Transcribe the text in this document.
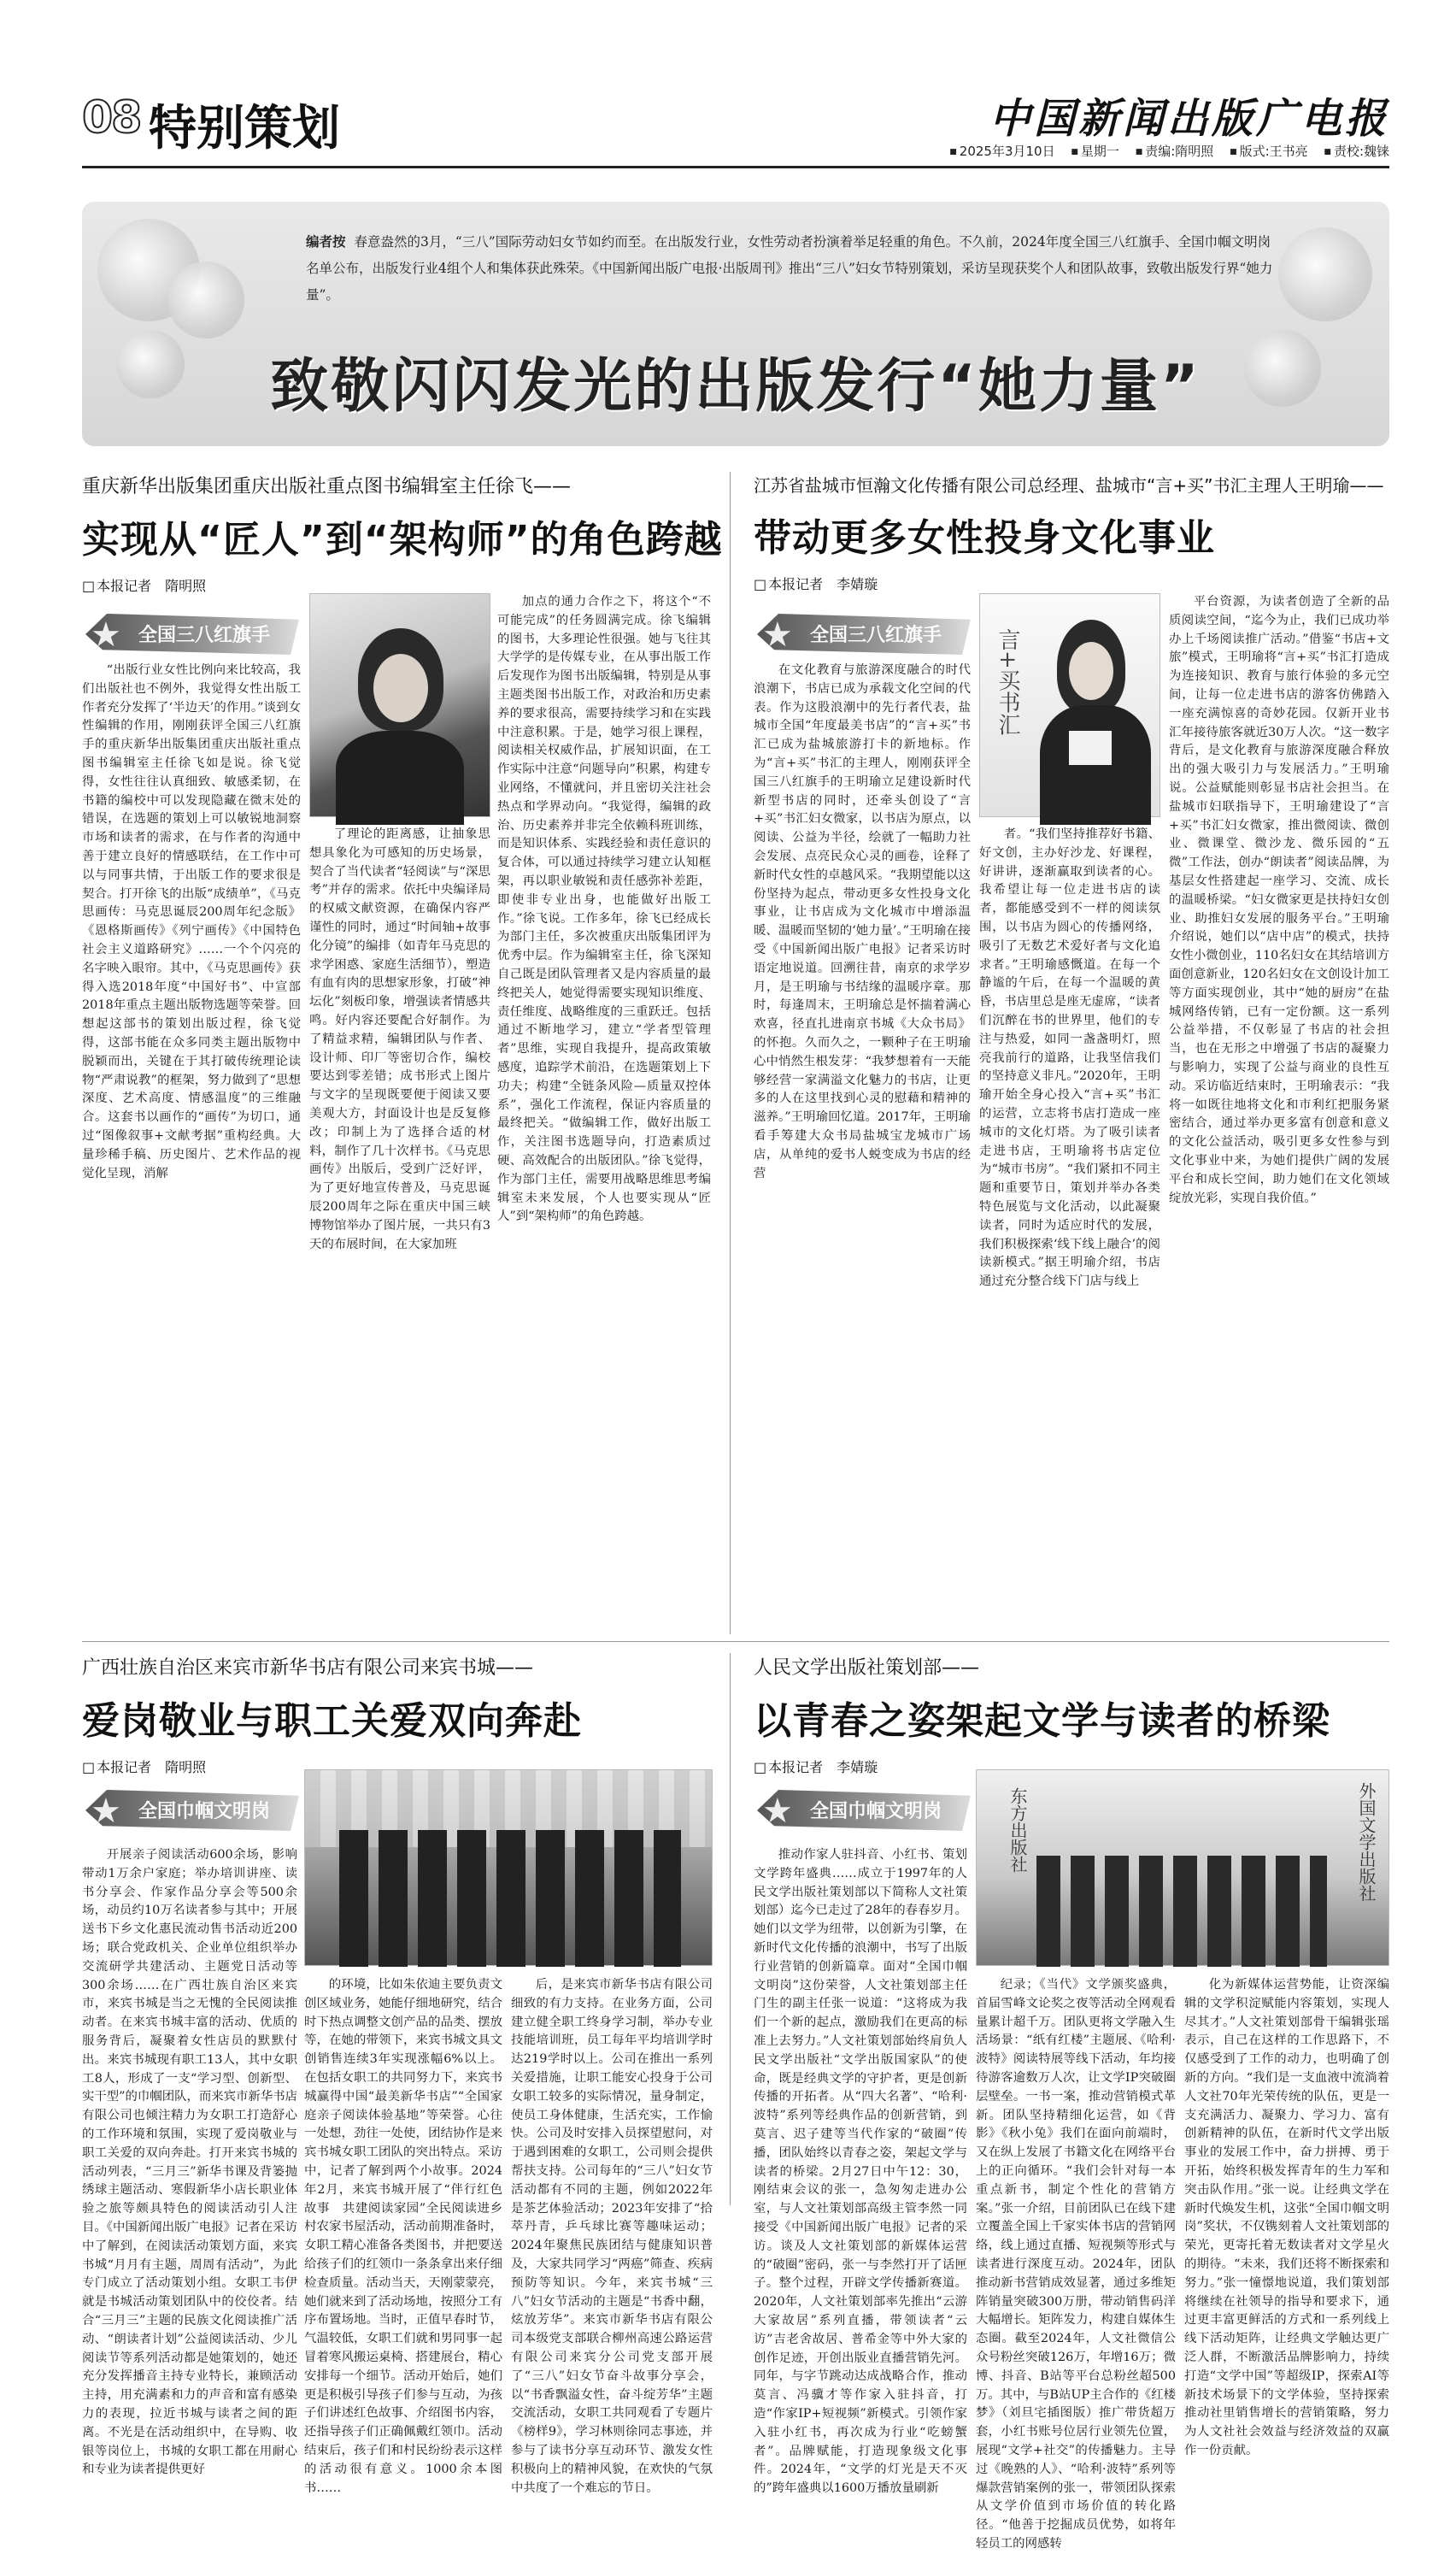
08 特别策划	中国新闻出版广电报
■ 2025年3月10日 ■ 星期一 ■ 责编:隋明照 ■ 版式:王书亮 ■ 责校:魏铼
编者按 春意盎然的3月，“三八”国际劳动妇女节如约而至。在出版发行业，女性劳动者扮演着举足轻重的角色。不久前，2024年度全国三八红旗手、全国巾帼文明岗名单公布，出版发行业4组个人和集体获此殊荣。《中国新闻出版广电报·出版周刊》推出“三八”妇女节特别策划，采访呈现获奖个人和团队故事，致敬出版发行界“她力量”。
致敬闪闪发光的出版发行“她力量”
重庆新华出版集团重庆出版社重点图书编辑室主任徐飞——
实现从“匠人”到“架构师”的角色跨越
□ 本报记者　隋明照
★ 全国三八红旗手

“出版行业女性比例向来比较高，我们出版社也不例外，我觉得女性出版工作者充分发挥了‘半边天’的作用。”谈到女性编辑的作用，刚刚获评全国三八红旗手的重庆新华出版集团重庆出版社重点图书编辑室主任徐飞如是说。徐飞觉得，女性往往认真细致、敏感柔韧，在书籍的编校中可以发现隐藏在微末处的错误，在选题的策划上可以敏锐地洞察市场和读者的需求，在与作者的沟通中善于建立良好的情感联结，在工作中可以与同事共情，于出版工作的要求很是契合。打开徐飞的出版“成绩单”，《马克思画传：马克思诞辰200周年纪念版》《恩格斯画传》《列宁画传》《中国特色社会主义道路研究》……一个个闪亮的名字映入眼帘。其中，《马克思画传》获得入选2018年度“中国好书”、中宣部2018年重点主题出版物选题等荣誉。回想起这部书的策划出版过程，徐飞觉得，这部书能在众多同类主题出版物中脱颖而出，关键在于其打破传统理论读物“严肃说教”的框架，努力做到了“思想深度、艺术高度、情感温度”的三维融合。这套书以画作的“画传”为切口，通过“图像叙事+文献考据”重构经典。大量珍稀手稿、历史图片、艺术作品的视觉化呈现，消解

了理论的距离感，让抽象思想具象化为可感知的历史场景，契合了当代读者“轻阅读”与“深思考”并存的需求。依托中央编译局的权威文献资源，在确保内容严谨性的同时，通过“时间轴+故事化分镜”的编排（如青年马克思的求学困惑、家庭生活细节），塑造有血有肉的思想家形象，打破“神坛化”刻板印象，增强读者情感共鸣。好内容还要配合好制作。为了精益求精，编辑团队与作者、设计师、印厂等密切合作，编校要达到零差错；成书形式上图片与文字的呈现既要便于阅读又要美观大方，封面设计也是反复修改；印制上为了选择合适的材料，制作了几十次样书。《马克思画传》出版后，受到广泛好评，为了更好地宣传普及，马克思诞辰200周年之际在重庆中国三峡博物馆举办了图片展，一共只有3天的布展时间，在大家加班

加点的通力合作之下，将这个“不可能完成”的任务圆满完成。徐飞编辑的图书，大多理论性很强。她与飞往其大学学的是传媒专业，在从事出版工作后发现作为图书出版编辑，特别是从事主题类图书出版工作，对政治和历史素养的要求很高，需要持续学习和在实践中注意积累。于是，她学习很上课程，阅读相关权威作品，扩展知识面，在工作实际中注意“问题导向”积累，构建专业网络，不懂就问，并且密切关注社会热点和学界动向。“我觉得，编辑的政治、历史素养并非完全依赖科班训练，而是知识体系、实践经验和责任意识的复合体，可以通过持续学习建立认知框架，再以职业敏锐和责任感弥补差距，即使非专业出身，也能做好出版工作。”徐飞说。工作多年，徐飞已经成长为部门主任，多次被重庆出版集团评为优秀中层。作为编辑室主任，徐飞深知自己既是团队管理者又是内容质量的最终把关人，她觉得需要实现知识维度、责任维度、战略维度的三重跃迁。包括通过不断地学习，建立“学者型管理者”思维，实现自我提升，提高政策敏感度，追踪学术前沿，在选题策划上下功夫；构建“全链条风险—质量双控体系”，强化工作流程，保证内容质量的最终把关。“做编辑工作，做好出版工作，关注图书选题导向，打造素质过硬、高效配合的出版团队。”徐飞觉得，作为部门主任，需要用战略思维思考编辑室未来发展，个人也要实现从“匠人”到“架构师”的角色跨越。

江苏省盐城市恒瀚文化传播有限公司总经理、盐城市“言+买”书汇主理人王明瑜——
带动更多女性投身文化事业
□ 本报记者　李婧璇
★ 全国三八红旗手	言+买书汇

在文化教育与旅游深度融合的时代浪潮下，书店已成为承载文化空间的代表。作为这股浪潮中的先行者代表，盐城市全国“年度最美书店”的“言+买”书汇已成为盐城旅游打卡的新地标。作为“言+买”书汇的主理人，刚刚获评全国三八红旗手的王明瑜立足建设新时代新型书店的同时，还牵头创设了“言+买”书汇妇女微家，以书店为原点，以阅读、公益为半径，绘就了一幅助力社会发展、点亮民众心灵的画卷，诠释了新时代女性的卓越风采。“我期望能以这份坚持为起点，带动更多女性投身文化事业，让书店成为文化城市中增添温暖、温暖而坚韧的‘她力量’。”王明瑜在接受《中国新闻出版广电报》记者采访时语定地说道。回溯往昔，南京的求学岁月，是王明瑜与书结缘的温暖序章。那时，每逢周末，王明瑜总是怀揣着满心欢喜，径直扎进南京书城《大众书局》的怀抱。久而久之，一颗种子在王明瑜心中悄然生根发芽：“我梦想着有一天能够经营一家满溢文化魅力的书店，让更多的人在这里找到心灵的慰藉和精神的滋养。”王明瑜回忆道。2017年，王明瑜看手筹建大众书局盐城宝龙城市广场店，从单纯的爱书人蜕变成为书店的经营

者。“我们坚持推荐好书籍、好文创，主办好沙龙、好课程，好讲讲，逐渐赢取到读者的心。我希望让每一位走进书店的读者，都能感受到不一样的阅读氛围，以书店为圆心的传播网络，吸引了无数艺术爱好者与文化追求者。”王明瑜感慨道。在每一个静谧的午后，在每一个温暖的黄昏，书店里总是座无虚席，“读者们沉醉在书的世界里，他们的专注与热爱，如同一盏盏明灯，照亮我前行的道路，让我坚信我们的坚持意义非凡。”2020年，王明瑜开始全身心投入“言+买”书汇的运营，立志将书店打造成一座城市的文化灯塔。为了吸引读者走进书店，王明瑜将书店定位为“城市书房”。“我们紧扣不同主题和重要节日，策划并举办各类特色展览与文化活动，以此凝聚读者，同时为适应时代的发展，我们积极探索‘线下线上融合’的阅读新模式。”据王明瑜介绍，书店通过充分整合线下门店与线上

平台资源，为读者创造了全新的品质阅读空间，“迄今为止，我们已成功举办上千场阅读推广活动。”借鉴“书店+文旅”模式，王明瑜将“言+买”书汇打造成为连接知识、教育与旅行体验的多元空间，让每一位走进书店的游客仿佛踏入一座充满惊喜的奇妙花园。仅新开业书汇年接待旅客就近30万人次。“这一数字背后，是文化教育与旅游深度融合释放出的强大吸引力与发展活力。”王明瑜说。公益赋能则彰显书店社会担当。在盐城市妇联指导下，王明瑜建设了“言+买”书汇妇女微家，推出微阅读、微创业、微课堂、微沙龙、微乐园的“五微”工作法，创办“朗读者”阅读品牌，为基层女性搭建起一座学习、交流、成长的温暖桥梁。“妇女微家更是扶持妇女创业、助推妇女发展的服务平台。”王明瑜介绍说，她们以“店中店”的模式，扶持女性小微创业，110名妇女在其结培训方面创意新业，120名妇女在文创设计加工等方面实现创业，其中“她的厨房”在盐城网络传销，已有一定份额。这一系列公益举措，不仅彰显了书店的社会担当，也在无形之中增强了书店的凝聚力与影响力，实现了公益与商业的良性互动。采访临近结束时，王明瑜表示：“我将一如既往地将文化和市利红把服务紧密结合，通过举办更多富有创意和意义的文化公益活动，吸引更多女性参与到文化事业中来，为她们提供广阔的发展平台和成长空间，助力她们在文化领域绽放光彩，实现自我价值。”

广西壮族自治区来宾市新华书店有限公司来宾书城——
爱岗敬业与职工关爱双向奔赴
□ 本报记者　隋明照
★ 全国巾帼文明岗

开展亲子阅读活动600余场，影响带动1万余户家庭；举办培训讲座、读书分享会、作家作品分享会等500余场，动员约10万名读者参与其中；开展送书下乡文化惠民流动售书活动近200场；联合党政机关、企业单位组织举办交流研学共建活动、主题党日活动等300余场……在广西壮族自治区来宾市，来宾书城是当之无愧的全民阅读推动者。在来宾书城丰富的活动、优质的服务背后，凝聚着女性店员的默默付出。来宾书城现有职工13人，其中女职工8人，形成了一支“学习型、创新型、实干型”的巾帼团队，而来宾市新华书店有限公司也倾注精力为女职工打造舒心的工作环境和氛围，实现了爱岗敬业与职工关爱的双向奔赴。打开来宾书城的活动列表，“三月三”新华书课及背篓抛绣球主题活动、寒假新华小店长职业体验之旅等颇具特色的阅读活动引人注目。《中国新闻出版广电报》记者在采访中了解到，在阅读活动策划方面，来宾书城“月月有主题，周周有活动”，为此专门成立了活动策划小组。女职工韦伊就是书城活动策划团队中的佼佼者。结合“三月三”主题的民族文化阅读推广活动、“朗读者计划”公益阅读活动、少儿阅读节等系列活动都是她策划的，她还充分发挥播音主持专业特长，兼顾活动主持，用充满素和力的声音和富有感染力的表现，拉近书城与读者之间的距离。不光是在活动组织中，在导购、收银等岗位上，书城的女职工都在用耐心和专业为读者提供更好

的环境，比如朱依迪主要负责文创区域业务，她能仔细地研究，结合时下热点调整文创产品的品类、摆放等，在她的带领下，来宾书城文具文创销售连续3年实现涨幅6%以上。在包括女职工的共同努力下，来宾书城赢得中国“最美新华书店”“全国家庭亲子阅读体验基地”等荣誉。心往一处想，劲往一处使，团结协作是来宾书城女职工团队的突出特点。采访中，记者了解到两个小故事。2024年2月，来宾书城开展了“伴行红色故事　共建阅读家园”全民阅读进乡村农家书屋活动，活动前期准备时，女职工精心准备各类图书，并把要送给孩子们的红领巾一条条拿出来仔细检查质量。活动当天，天刚蒙蒙亮，她们就来到了活动场地，按照分工有序布置场地。当时，正值早春时节，气温较低，女职工们就和男同事一起冒着寒风搬运桌椅、搭建展台，精心安排每一个细节。活动开始后，她们更是积极引导孩子们参与互动，为孩子们讲述红色故事、介绍图书内容，还指导孩子们正确佩戴红领巾。活动结束后，孩子们和村民纷纷表示这样的活动很有意义。1000余本图书……

后，是来宾市新华书店有限公司细致的有力支持。在业务方面，公司建立健全职工终身学习制，举办专业技能培训班，员工每年平均培训学时达219学时以上。公司在推出一系列关爱措施，让职工能安心投身于公司女职工较多的实际情况，量身制定，使员工身体健康，生活充实，工作愉快。公司及时安排入员探望慰问，对于遇到困难的女职工，公司则会提供帮扶支持。公司每年的“三八”妇女节活动都有不同的主题，例如2022年是茶艺体验活动；2023年安排了“拾萃丹青，乒乓球比赛等趣味运动；2024年聚焦民族团结与健康知识普及，大家共同学习“两癌”筛查、疾病预防等知识。今年，来宾书城“三八”妇女节活动的主题是“书香中翻，炫放芳华”。来宾市新华书店有限公司本级党支部联合柳州高速公路运营有限公司来宾分公司党支部开展了“三八”妇女节奋斗故事分享会，以“书香飘溢女性，奋斗绽芳华”主题交流活动，女职工共同观看了专题片《榜样9》，学习林则徐同志事迹，并参与了读书分享互动环节、激发女性积极向上的精神风貌，在欢快的气氛中共度了一个难忘的节日。

人民文学出版社策划部——
以青春之姿架起文学与读者的桥梁
□ 本报记者　李婧璇
★ 全国巾帼文明岗	东方出版社	外国文学出版社

推动作家人驻抖音、小红书、策划文学跨年盛典……成立于1997年的人民文学出版社策划部以下简称人文社策划部）迄今已走过了28年的春春岁月。她们以文学为纽带，以创新为引擎，在新时代文化传播的浪潮中，书写了出版行业营销的创新篇章。面对“全国巾帼文明岗”这份荣誉，人文社策划部主任门生的副主任张一说道：“这将成为我们一个新的起点，激励我们在更高的标准上去努力。”人文社策划部始终肩负人民文学出版社“文学出版国家队”的使命，既是经典文学的守护者，更是创新传播的开拓者。从“四大名著”、“哈利·波特”系列等经典作品的创新营销，到莫言、迟子建等当代作家的“破圈”传播，团队始终以青春之姿，架起文学与读者的桥梁。2月27日中午12：30，刚结束会议的张一，急匆匆走进办公室，与人文社策划部高级主管李然一同接受《中国新闻出版广电报》记者的采访。谈及人文社策划部的新媒体运营的“破圈”密码，张一与李然打开了话匣子。整个过程，开辟文学传播新赛道。2020年，人文社策划部率先推出“云游大家故居”系列直播，带领读者“云访”吉老舍故居、普希金等中外大家的创作足迹，开创出版业直播营销先河。同年，与字节跳动达成战略合作，推动莫言、冯骥才等作家入驻抖音，打造“作家IP+短视频”新模式。引领作家入驻小红书，再次成为行业“吃螃蟹者”。品牌赋能，打造现象级文化事件。2024年，“文学的灯光是天不灭的”跨年盛典以1600万播放量刷新

纪录；《当代》文学颁奖盛典，首届雪峰文论奖之夜等活动全网观看量累计超千万。团队更将文学融入生活场景：“纸有红楼”主题展、《哈利·波特》阅读特展等线下活动，年均接待游客逾数万人次，让文学IP突破圈层壁垒。一书一案，推动营销模式革新。团队坚持精细化运营，如《背影》《秋小兔》我们在面向前端时，又在纵上发展了书籍文化在网络平台上的正向循环。“我们会针对每一本重点新书，制定个性化的营销方案。”张一介绍，目前团队已在线下建立覆盖全国上千家实体书店的营销网络，线上通过直播、短视频等形式与读者进行深度互动。2024年，团队推动新书营销成效显著，通过多维矩阵销量突破300万册，带动销售码洋大幅增长。矩阵发力，构建自媒体生态圈。截至2024年，人文社微信公众号粉丝突破126万，年增16万；微博、抖音、B站等平台总粉丝超500万。其中，与B站UP主合作的《红楼梦》（刘旦宅插图版）推广带货超万套，小红书账号位居行业领先位置，展现“文学+社交”的传播魅力。主导过《晚熟的人》、“哈利·波特”系列等爆款营销案例的张一，带领团队探索从文学价值到市场价值的转化路径。“他善于挖掘成员优势，如将年轻员工的网感转

化为新媒体运营势能，让资深编辑的文学积淀赋能内容策划，实现人尽其才。”人文社策划部骨干编辑张瑶表示，自己在这样的工作思路下，不仅感受到了工作的动力，也明确了创新的方向。“我们是一支血液中流淌着人文社70年光荣传统的队伍，更是一支充满活力、凝聚力、学习力、富有创新精神的队伍，在新时代文学出版事业的发展工作中，奋力拼搏、勇于开拓，始终积极发挥青年的生力军和突击队作用。”张一说。让经典文学在新时代焕发生机，这张“全国巾帼文明岗”奖状，不仅镌刻着人文社策划部的荣光，更寄托着无数读者对文学星火的期待。“未来，我们还将不断探索和努力。”张一憧憬地说道，我们策划部将继续在社领导的指导和要求下，通过更丰富更鲜活的方式和一系列线上线下活动矩阵，让经典文学触达更广泛人群，不断激活品牌影响力，持续打造“文学中国”等超级IP，探索AI等新技术场景下的文学体验，坚持探索推动社里销售增长的营销策略，努力为人文社社会效益与经济效益的双赢作一份贡献。
